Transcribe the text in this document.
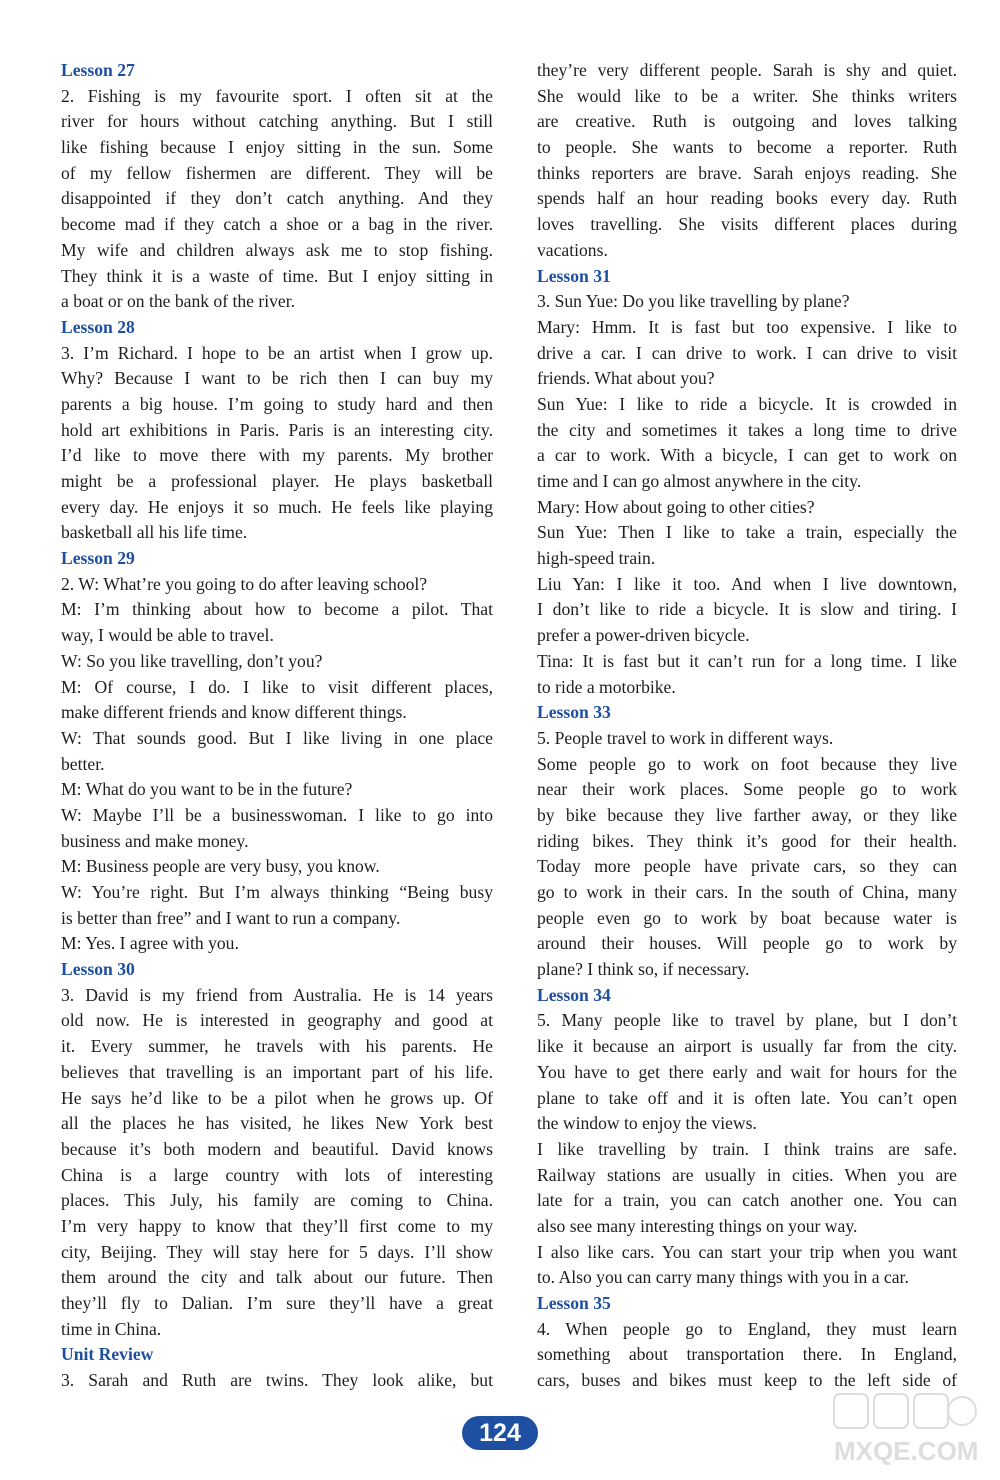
Lesson 27
2. Fishing is my favourite sport. I often sit at the
river for hours without catching anything. But I still
like fishing because I enjoy sitting in the sun. Some
of my fellow fishermen are different. They will be
disappointed if they don’t catch anything. And they
become mad if they catch a shoe or a bag in the river.
My wife and children always ask me to stop fishing.
They think it is a waste of time. But I enjoy sitting in
a boat or on the bank of the river.
Lesson 28
3. I’m Richard. I hope to be an artist when I grow up.
Why? Because I want to be rich then I can buy my
parents a big house. I’m going to study hard and then
hold art exhibitions in Paris. Paris is an interesting city.
I’d like to move there with my parents. My brother
might be a professional player. He plays basketball
every day. He enjoys it so much. He feels like playing
basketball all his life time.
Lesson 29
2. W: What’re you going to do after leaving school?
M: I’m thinking about how to become a pilot. That
way, I would be able to travel.
W: So you like travelling, don’t you?
M: Of course, I do. I like to visit different places,
make different friends and know different things.
W: That sounds good. But I like living in one place
better.
M: What do you want to be in the future?
W: Maybe I’ll be a businesswoman. I like to go into
business and make money.
M: Business people are very busy, you know.
W: You’re right. But I’m always thinking “Being busy
is better than free” and I want to run a company.
M: Yes. I agree with you.
Lesson 30
3. David is my friend from Australia. He is 14 years
old now. He is interested in geography and good at
it. Every summer, he travels with his parents. He
believes that travelling is an important part of his life.
He says he’d like to be a pilot when he grows up. Of
all the places he has visited, he likes New York best
because it’s both modern and beautiful. David knows
China is a large country with lots of interesting
places. This July, his family are coming to China.
I’m very happy to know that they’ll first come to my
city, Beijing. They will stay here for 5 days. I’ll show
them around the city and talk about our future. Then
they’ll fly to Dalian. I’m sure they’ll have a great
time in China.
Unit Review
3. Sarah and Ruth are twins. They look alike, but
they’re very different people. Sarah is shy and quiet.
She would like to be a writer. She thinks writers
are creative. Ruth is outgoing and loves talking
to people. She wants to become a reporter. Ruth
thinks reporters are brave. Sarah enjoys reading. She
spends half an hour reading books every day. Ruth
loves travelling. She visits different places during
vacations.
Lesson 31
3. Sun Yue: Do you like travelling by plane?
Mary: Hmm. It is fast but too expensive. I like to
drive a car. I can drive to work. I can drive to visit
friends. What about you?
Sun Yue: I like to ride a bicycle. It is crowded in
the city and sometimes it takes a long time to drive
a car to work. With a bicycle, I can get to work on
time and I can go almost anywhere in the city.
Mary: How about going to other cities?
Sun Yue: Then I like to take a train, especially the
high-speed train.
Liu Yan: I like it too. And when I live downtown,
I don’t like to ride a bicycle. It is slow and tiring. I
prefer a power-driven bicycle.
Tina: It is fast but it can’t run for a long time. I like
to ride a motorbike.
Lesson 33
5. People travel to work in different ways.
Some people go to work on foot because they live
near their work places. Some people go to work
by bike because they live farther away, or they like
riding bikes. They think it’s good for their health.
Today more people have private cars, so they can
go to work in their cars. In the south of China, many
people even go to work by boat because water is
around their houses. Will people go to work by
plane? I think so, if necessary.
Lesson 34
5. Many people like to travel by plane, but I don’t
like it because an airport is usually far from the city.
You have to get there early and wait for hours for the
plane to take off and it is often late. You can’t open
the window to enjoy the views.
I like travelling by train. I think trains are safe.
Railway stations are usually in cities. When you are
late for a train, you can catch another one. You can
also see many interesting things on your way.
I also like cars. You can start your trip when you want
to. Also you can carry many things with you in a car.
Lesson 35
4. When people go to England, they must learn
something about transportation there. In England,
cars, buses and bikes must keep to the left side of
124
MXQE.COM
